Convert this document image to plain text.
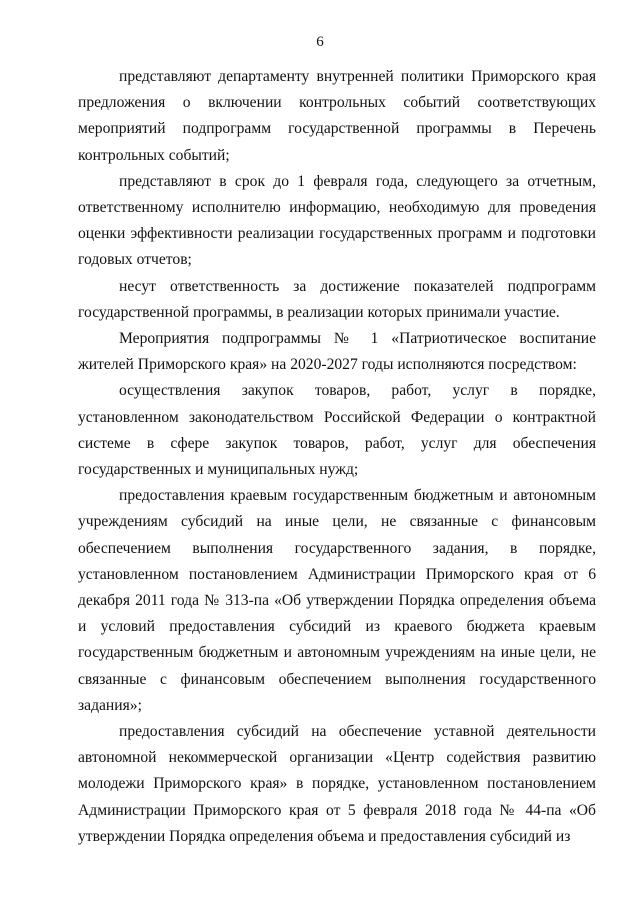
6

представляют департаменту внутренней политики Приморского края предложения о включении контрольных событий соответствующих мероприятий подпрограмм государственной программы в Перечень контрольных событий;

представляют в срок до 1 февраля года, следующего за отчетным, ответственному исполнителю информацию, необходимую для проведения оценки эффективности реализации государственных программ и подготовки годовых отчетов;

несут ответственность за достижение показателей подпрограмм государственной программы, в реализации которых принимали участие.

Мероприятия подпрограммы № 1 «Патриотическое воспитание жителей Приморского края» на 2020-2027 годы исполняются посредством:

осуществления закупок товаров, работ, услуг в порядке, установленном законодательством Российской Федерации о контрактной системе в сфере закупок товаров, работ, услуг для обеспечения государственных и муниципальных нужд;

предоставления краевым государственным бюджетным и автономным учреждениям субсидий на иные цели, не связанные с финансовым обеспечением выполнения государственного задания, в порядке, установленном постановлением Администрации Приморского края от 6 декабря 2011 года № 313-па «Об утверждении Порядка определения объема и условий предоставления субсидий из краевого бюджета краевым государственным бюджетным и автономным учреждениям на иные цели, не связанные с финансовым обеспечением выполнения государственного задания»;

предоставления субсидий на обеспечение уставной деятельности автономной некоммерческой организации «Центр содействия развитию молодежи Приморского края» в порядке, установленном постановлением Администрации Приморского края от 5 февраля 2018 года № 44-па «Об утверждении Порядка определения объема и предоставления субсидий из
